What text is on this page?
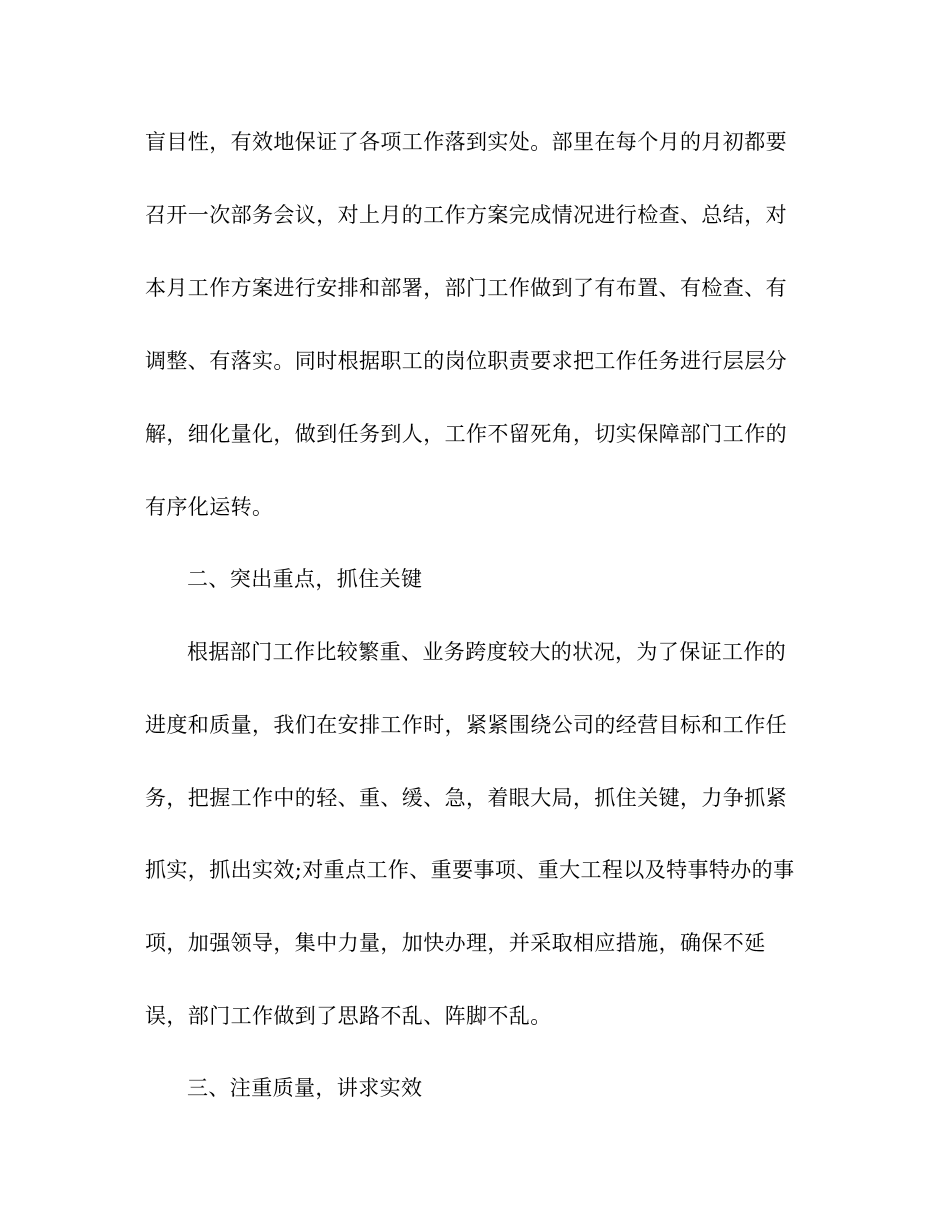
盲目性，有效地保证了各项工作落到实处。部里在每个月的月初都要
召开一次部务会议，对上月的工作方案完成情况进行检查、总结，对
本月工作方案进行安排和部署，部门工作做到了有布置、有检查、有
调整、有落实。同时根据职工的岗位职责要求把工作任务进行层层分
解，细化量化，做到任务到人，工作不留死角，切实保障部门工作的
有序化运转。
二、突出重点，抓住关键
根据部门工作比较繁重、业务跨度较大的状况，为了保证工作的
进度和质量，我们在安排工作时，紧紧围绕公司的经营目标和工作任
务，把握工作中的轻、重、缓、急，着眼大局，抓住关键，力争抓紧
抓实，抓出实效;对重点工作、重要事项、重大工程以及特事特办的事
项，加强领导，集中力量，加快办理，并采取相应措施，确保不延
误，部门工作做到了思路不乱、阵脚不乱。
三、注重质量，讲求实效
